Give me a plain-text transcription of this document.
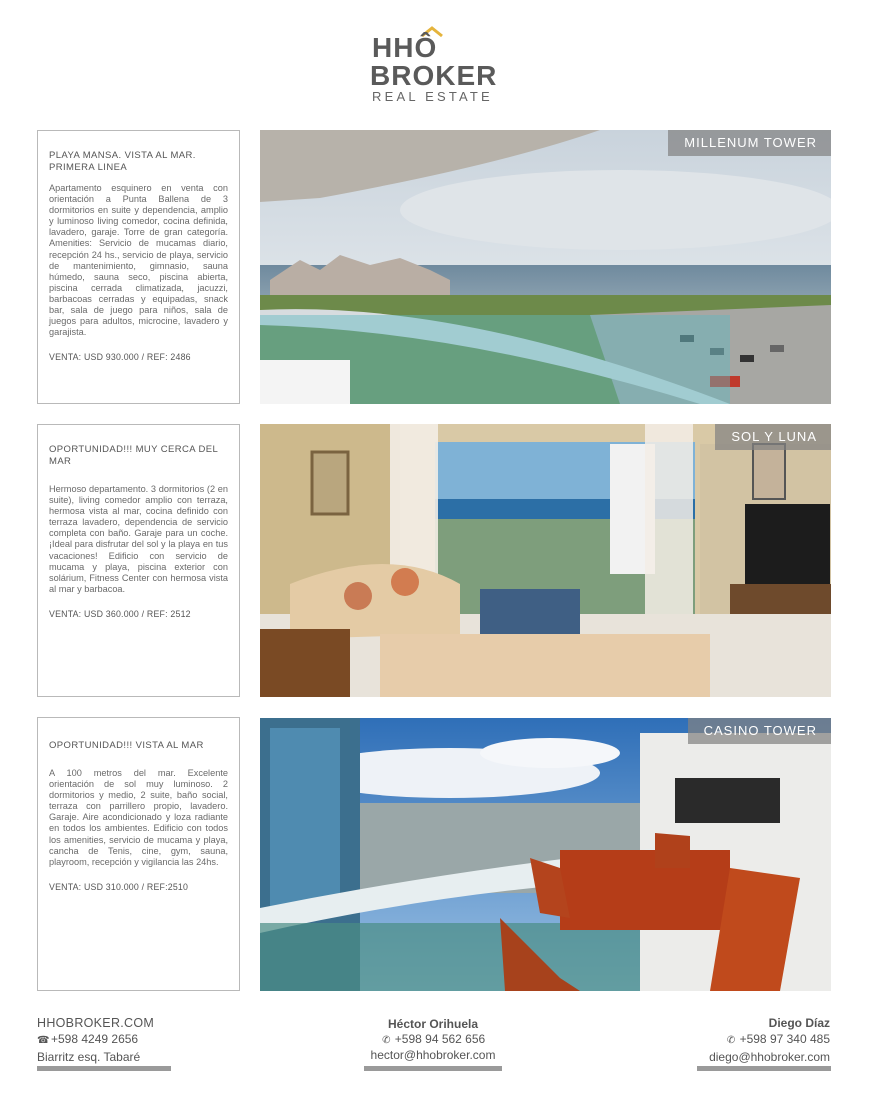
HHÔ
BROKER
REAL ESTATE
PLAYA MANSA. VISTA AL MAR. PRIMERA LINEA
Apartamento esquinero en venta con orientación a Punta Ballena de 3 dormitorios en suite y dependencia, amplio y luminoso living comedor, cocina definida, lavadero, garaje. Torre de gran categoría. Amenities: Servicio de mucamas diario, recepción 24 hs., servicio de playa, servicio de mantenimiento, gimnasio, sauna húmedo, sauna seco, piscina abierta, piscina cerrada climatizada, jacuzzi, barbacoas cerradas y equipadas, snack bar, sala de juego para niños, sala de juegos para adultos, microcine, lavadero y garajista.
VENTA: USD 930.000 / REF: 2486
MILLENUM TOWER
OPORTUNIDAD!!! MUY CERCA DEL MAR
Hermoso departamento. 3 dormitorios (2 en suite), living comedor amplio con terraza, hermosa vista al mar, cocina definido con terraza lavadero, dependencia de servicio completa con baño. Garaje para un coche. ¡Ideal para disfrutar del sol y la playa en tus vacaciones! Edificio con servicio de mucama y playa, piscina exterior con solárium, Fitness Center con hermosa vista al mar y barbacoa.
VENTA: USD 360.000 / REF: 2512
SOL Y LUNA
OPORTUNIDAD!!! VISTA AL MAR
A 100 metros del mar. Excelente orientación de sol muy luminoso. 2 dormitorios y medio, 2 suite, baño social, terraza con parrillero propio, lavadero. Garaje. Aire acondicionado y loza radiante en todos los ambientes. Edificio con todos los amenities, servicio de mucama y playa, cancha de Tenis, cine, gym, sauna, playroom, recepción y vigilancia las 24hs.
VENTA: USD 310.000 / REF:2510
CASINO TOWER
HHOBROKER.COM
☎ +598 4249 2656
Biarritz esq. Tabaré
Héctor Orihuela
✆ +598 94 562 656
hector@hhobroker.com
Diego Díaz
✆ +598 97 340 485
diego@hhobroker.com
